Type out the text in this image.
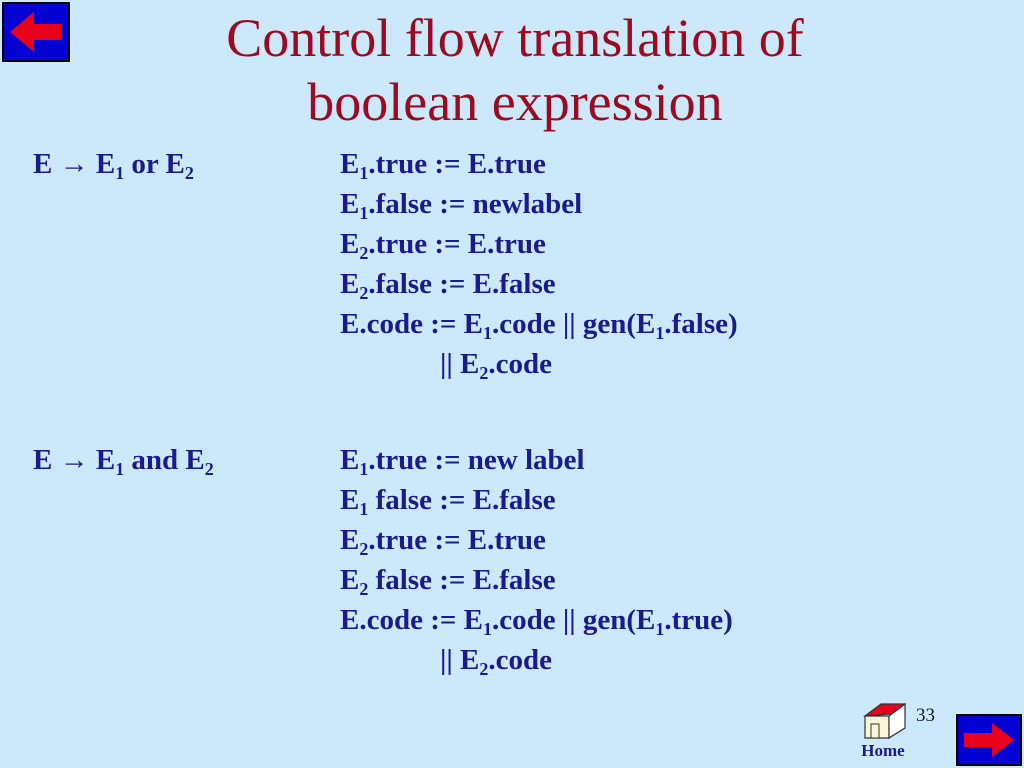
Control flow translation of
boolean expression
$E \to E_1$ or $E_2$	$E_1.true$ := E.true
$E_1.false$ := newlabel
$E_2.true$ := E.true
$E_2.false$ := E.false
E.code := $E_1.code$ || $gen(E_1.false)$
|| $E_2.code$
$E \to E_1$ and $E_2$	$E_1.true$ := new label
$E_1$ false := E.false
$E_2.true$ := E.true
$E_2$ false := E.false
E.code := $E_1.code$ || $gen(E_1.true)$
|| $E_2.code$
Home
33
